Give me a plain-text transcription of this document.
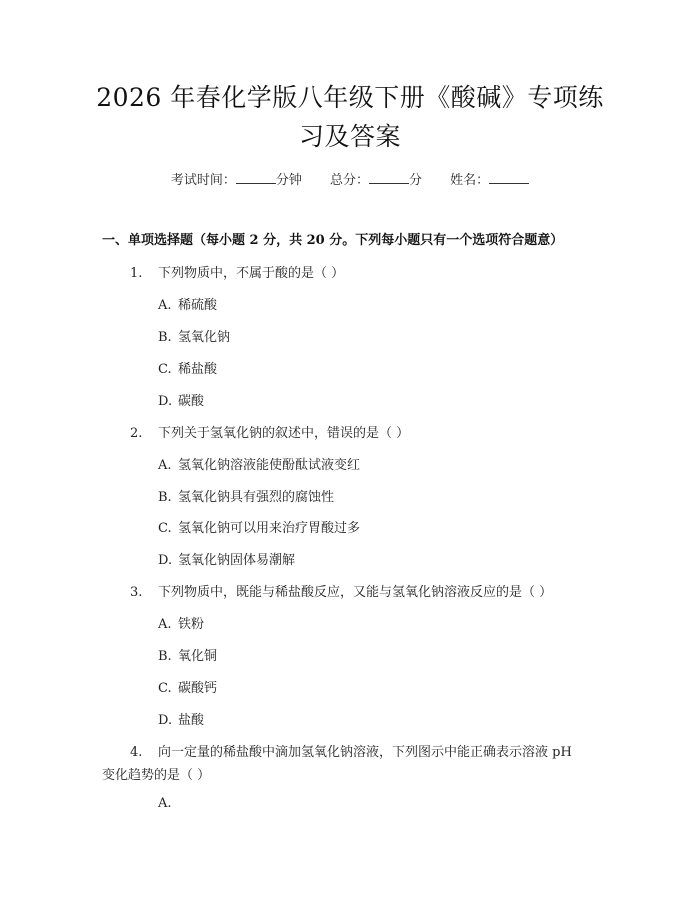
2026 年春化学版八年级下册《酸碱》专项练
习及答案
考试时间：	分钟 总分：	分 姓名：
一、单项选择题（每小题 2 分，共 20 分。下列每小题只有一个选项符合题意）
1. 下列物质中，不属于酸的是（ ）
A. 稀硫酸
B. 氢氧化钠
C. 稀盐酸
D. 碳酸
2. 下列关于氢氧化钠的叙述中，错误的是（ ）
A. 氢氧化钠溶液能使酚酞试液变红
B. 氢氧化钠具有强烈的腐蚀性
C. 氢氧化钠可以用来治疗胃酸过多
D. 氢氧化钠固体易潮解
3. 下列物质中，既能与稀盐酸反应，又能与氢氧化钠溶液反应的是（ ）
A. 铁粉
B. 氧化铜
C. 碳酸钙
D. 盐酸
4. 向一定量的稀盐酸中滴加氢氧化钠溶液，下列图示中能正确表示溶液 pH
变化趋势的是（ ）
A.
